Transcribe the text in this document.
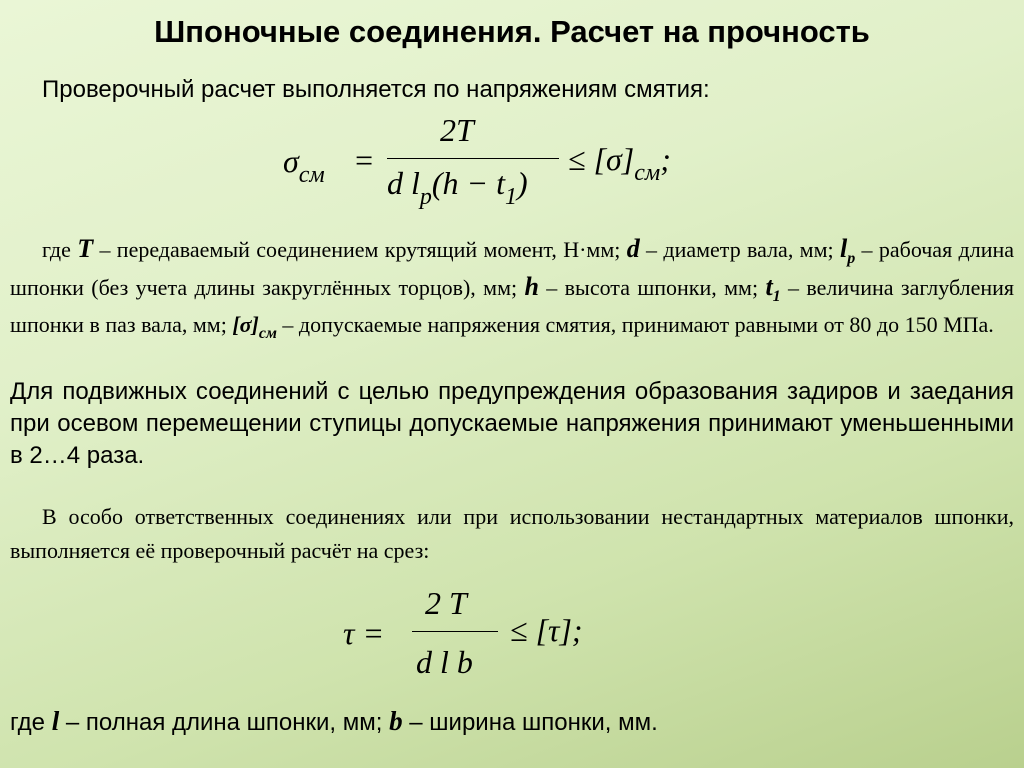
Шпоночные соединения. Расчет на прочность
Проверочный расчет выполняется по напряжениям смятия:
$\sigma_{см}$ =
2T
d $l_p(h - t_1)$
≤ $[\sigma]_{см}$;
где T – передаваемый соединением крутящий момент, Н·мм; d – диаметр вала, мм; $l_p$ – рабочая длина шпонки (без учета длины закруглённых торцов), мм; h – высота шпонки, мм; $t_1$ – величина заглубления шпонки в паз вала, мм; $[\sigma]_{см}$ – допускаемые напряжения смятия, принимают равными от 80 до 150 МПа.
Для подвижных соединений с целью предупреждения образования задиров и заедания при осевом перемещении ступицы допускаемые напряжения принимают уменьшенными в 2…4 раза.
В особо ответственных соединениях или при использовании нестандартных материалов шпонки, выполняется её проверочный расчёт на срез:
τ =
2 T
d l b
≤ [τ];
где l – полная длина шпонки, мм; b – ширина шпонки, мм.
